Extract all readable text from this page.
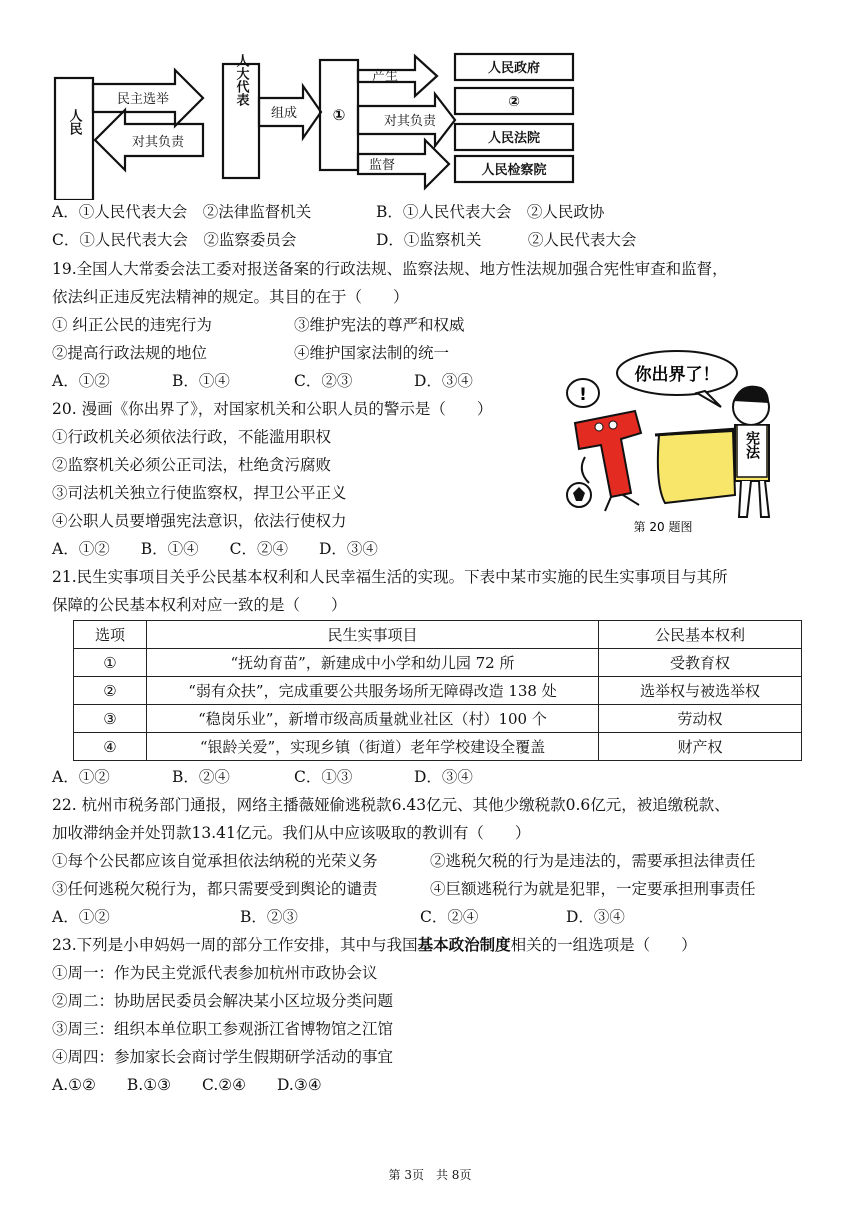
人民
民主选举
对其负责
人大代表
组成 ①
产生
对其负责
监督
人民政府
②
人民法院
人民检察院
A．①人民代表大会　②法律监督机关	B．①人民代表大会　②人民政协
C．①人民代表大会　②监察委员会	D．①监察机关　　　②人民代表大会
19.全国人大常委会法工委对报送备案的行政法规、监察法规、地方性法规加强合宪性审查和监督，
依法纠正违反宪法精神的规定。其目的在于（　　）
① 纠正公民的违宪行为	③维护宪法的尊严和权威
②提高行政法规的地位	④维护国家法制的统一
A．①②	B．①④	C．②③	D．③④
20. 漫画《你出界了》，对国家机关和公职人员的警示是（　　）
①行政机关必须依法行政，不能滥用职权
②监察机关必须公正司法，杜绝贪污腐败
③司法机关独立行使监察权，捍卫公平正义
④公职人员要增强宪法意识，依法行使权力
A．①②　　B．①④　　C．②④　　D．③④
你出界了！
!
宪法
第 20 题图
21.民生实事项目关乎公民基本权利和人民幸福生活的实现。下表中某市实施的民生实事项目与其所
保障的公民基本权利对应一致的是（　　）
选项	民生实事项目	公民基本权利
①	“抚幼育苗”，新建成中小学和幼儿园 72 所	受教育权
②	“弱有众扶”，完成重要公共服务场所无障碍改造 138 处	选举权与被选举权
③	“稳岗乐业”，新增市级高质量就业社区（村）100 个	劳动权
④	“银龄关爱”，实现乡镇（街道）老年学校建设全覆盖	财产权
A．①②	B．②④	C．①③	D．③④
22. 杭州市税务部门通报，网络主播薇娅偷逃税款6.43亿元、其他少缴税款0.6亿元，被追缴税款、
加收滞纳金并处罚款13.41亿元。我们从中应该吸取的教训有（　　）
①每个公民都应该自觉承担依法纳税的光荣义务	②逃税欠税的行为是违法的，需要承担法律责任
③任何逃税欠税行为，都只需要受到舆论的谴责	④巨额逃税行为就是犯罪，一定要承担刑事责任
A．①②	B．②③	C．②④	D．③④
23.下列是小申妈妈一周的部分工作安排，其中与我国基本政治制度相关的一组选项是（　　）
①周一：作为民主党派代表参加杭州市政协会议
②周二：协助居民委员会解决某小区垃圾分类问题
③周三：组织本单位职工参观浙江省博物馆之江馆
④周四：参加家长会商讨学生假期研学活动的事宜
A.①②　　B.①③　　C.②④　　D.③④
第 3页　共 8页
